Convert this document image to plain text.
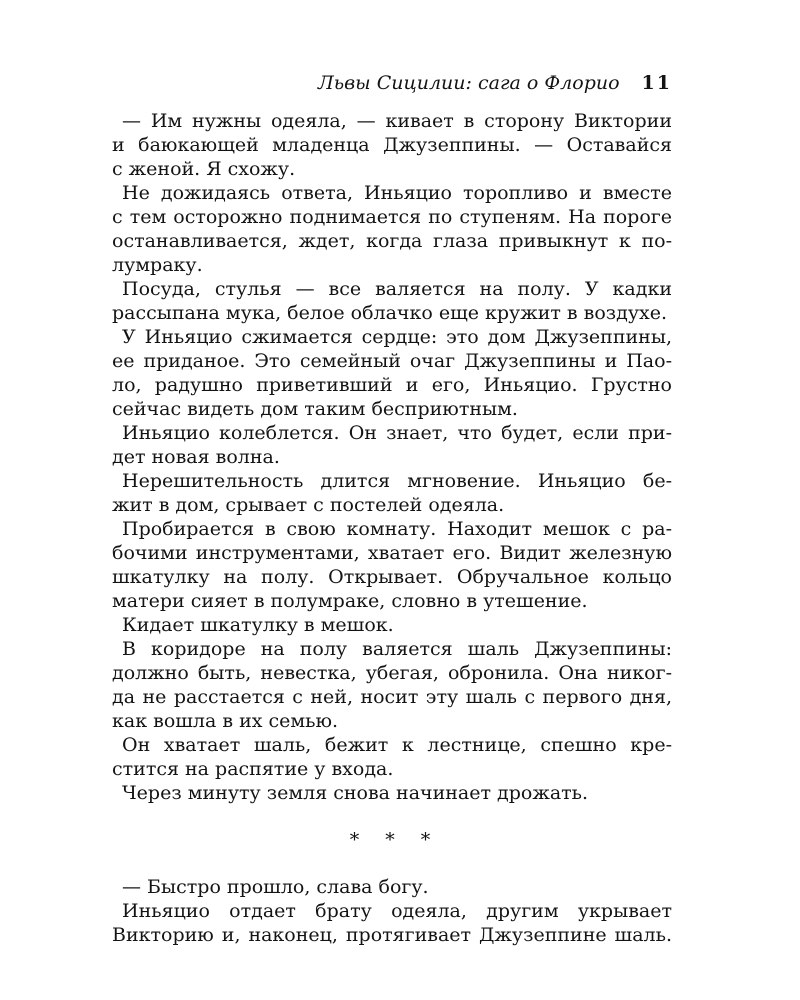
Львы Сицилии: сага о Флорио 11

— Им нужны одеяла, — кивает в сторону Виктории
и баюкающей младенца Джузеппины. — Оставайся
с женой. Я схожу.

Не дожидаясь ответа, Иньяцио торопливо и вместе
с тем осторожно поднимается по ступеням. На пороге
останавливается, ждет, когда глаза привыкнут к по-
лумраку.

Посуда, стулья — все валяется на полу. У кадки
рассыпана мука, белое облачко еще кружит в воздухе.

У Иньяцио сжимается сердце: это дом Джузеппины,
ее приданое. Это семейный очаг Джузеппины и Пао-
ло, радушно приветивший и его, Иньяцио. Грустно
сейчас видеть дом таким бесприютным.

Иньяцио колеблется. Он знает, что будет, если при-
дет новая волна.

Нерешительность длится мгновение. Иньяцио бе-
жит в дом, срывает с постелей одеяла.

Пробирается в свою комнату. Находит мешок с ра-
бочими инструментами, хватает его. Видит железную
шкатулку на полу. Открывает. Обручальное кольцо
матери сияет в полумраке, словно в утешение.

Кидает шкатулку в мешок.

В коридоре на полу валяется шаль Джузеппины:
должно быть, невестка, убегая, обронила. Она никог-
да не расстается с ней, носит эту шаль с первого дня,
как вошла в их семью.

Он хватает шаль, бежит к лестнице, спешно кре-
стится на распятие у входа.

Через минуту земля снова начинает дрожать.

* * *

— Быстро прошло, слава богу.

Иньяцио отдает брату одеяла, другим укрывает
Викторию и, наконец, протягивает Джузеппине шаль.
